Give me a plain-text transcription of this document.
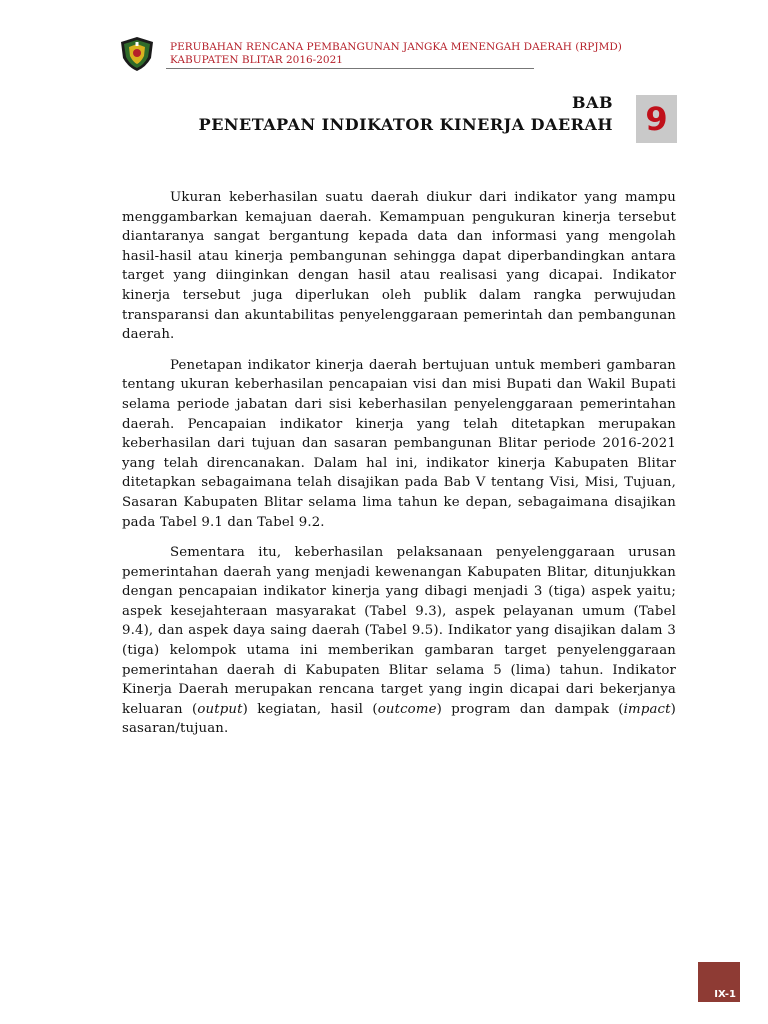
PERUBAHAN RENCANA PEMBANGUNAN JANGKA MENENGAH DAERAH (RPJMD)
KABUPATEN BLITAR 2016-2021
BAB
PENETAPAN INDIKATOR KINERJA DAERAH 9

Ukuran keberhasilan suatu daerah diukur dari indikator yang mampu menggambarkan kemajuan daerah. Kemampuan pengukuran kinerja tersebut diantaranya sangat bergantung kepada data dan informasi yang mengolah hasil-hasil atau kinerja pembangunan sehingga dapat diperbandingkan antara target yang diinginkan dengan hasil atau realisasi yang dicapai. Indikator kinerja tersebut juga diperlukan oleh publik dalam rangka perwujudan transparansi dan akuntabilitas penyelenggaraan pemerintah dan pembangunan daerah.

Penetapan indikator kinerja daerah bertujuan untuk memberi gambaran tentang ukuran keberhasilan pencapaian visi dan misi Bupati dan Wakil Bupati selama periode jabatan dari sisi keberhasilan penyelenggaraan pemerintahan daerah. Pencapaian indikator kinerja yang telah ditetapkan merupakan keberhasilan dari tujuan dan sasaran pembangunan Blitar periode 2016-2021 yang telah direncanakan. Dalam hal ini, indikator kinerja Kabupaten Blitar ditetapkan sebagaimana telah disajikan pada Bab V tentang Visi, Misi, Tujuan, Sasaran Kabupaten Blitar selama lima tahun ke depan, sebagaimana disajikan pada Tabel 9.1 dan Tabel 9.2.

Sementara itu, keberhasilan pelaksanaan penyelenggaraan urusan pemerintahan daerah yang menjadi kewenangan Kabupaten Blitar, ditunjukkan dengan pencapaian indikator kinerja yang dibagi menjadi 3 (tiga) aspek yaitu; aspek kesejahteraan masyarakat (Tabel 9.3), aspek pelayanan umum (Tabel 9.4), dan aspek daya saing daerah (Tabel 9.5). Indikator yang disajikan dalam 3 (tiga) kelompok utama ini memberikan gambaran target penyelenggaraan pemerintahan daerah di Kabupaten Blitar selama 5 (lima) tahun. Indikator Kinerja Daerah merupakan rencana target yang ingin dicapai dari bekerjanya keluaran (output) kegiatan, hasil (outcome) program dan dampak (impact) sasaran/tujuan.

IX-1
